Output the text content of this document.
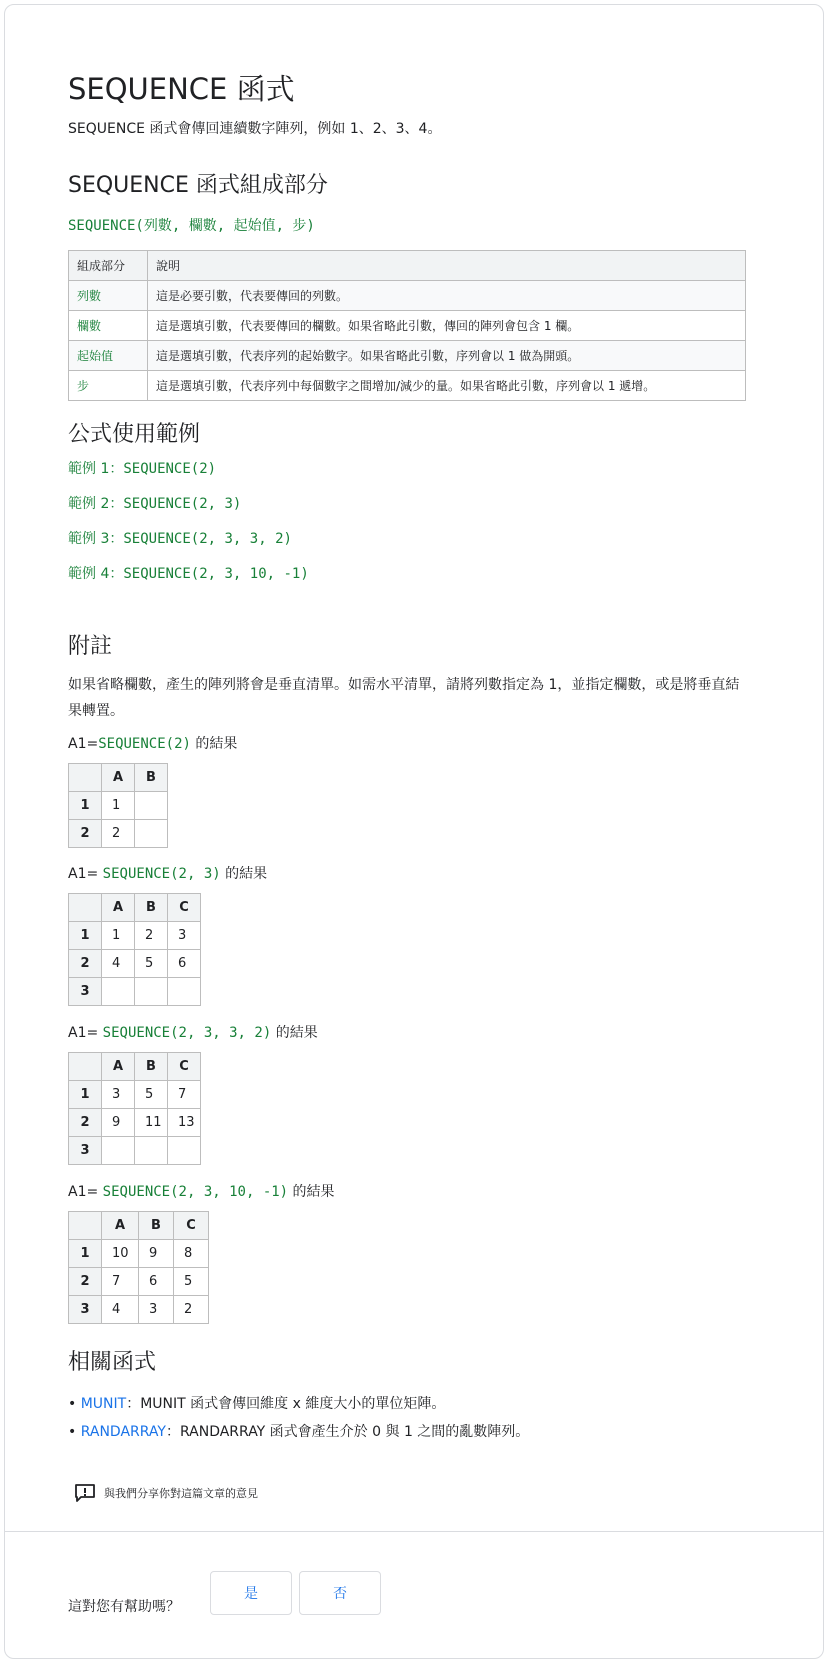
SEQUENCE 函式

SEQUENCE 函式會傳回連續數字陣列，例如 1、2、3、4。

SEQUENCE 函式組成部分
SEQUENCE(列數, 欄數, 起始值, 步)
組成部分	說明
列數	這是必要引數，代表要傳回的列數。
欄數	這是選填引數，代表要傳回的欄數。如果省略此引數，傳回的陣列會包含 1 欄。
起始值	這是選填引數，代表序列的起始數字。如果省略此引數，序列會以 1 做為開頭。
步	這是選填引數，代表序列中每個數字之間增加/減少的量。如果省略此引數，序列會以 1 遞增。
公式使用範例
範例 1：SEQUENCE(2)
範例 2：SEQUENCE(2, 3)
範例 3：SEQUENCE(2, 3, 3, 2)
範例 4：SEQUENCE(2, 3, 10, -1)
附註

如果省略欄數，產生的陣列將會是垂直清單。如需水平清單，請將列數指定為 1，並指定欄數，或是將垂直結果轉置。

A1=SEQUENCE(2) 的結果
	A	B
1	1	
2	2	
A1= SEQUENCE(2, 3) 的結果
	A	B	C
1	1	2	3
2	4	5	6
3			
A1= SEQUENCE(2, 3, 3, 2) 的結果
	A	B	C
1	3	5	7
2	9	11	13
3			
A1= SEQUENCE(2, 3, 10, -1) 的結果
	A	B	C
1	10	9	8
2	7	6	5
3	4	3	2
相關函式
• MUNIT：MUNIT 函式會傳回維度 x 維度大小的單位矩陣。
• RANDARRAY：RANDARRAY 函式會產生介於 0 與 1 之間的亂數陣列。
與我們分享你對這篇文章的意見
這對您有幫助嗎？
是	否
